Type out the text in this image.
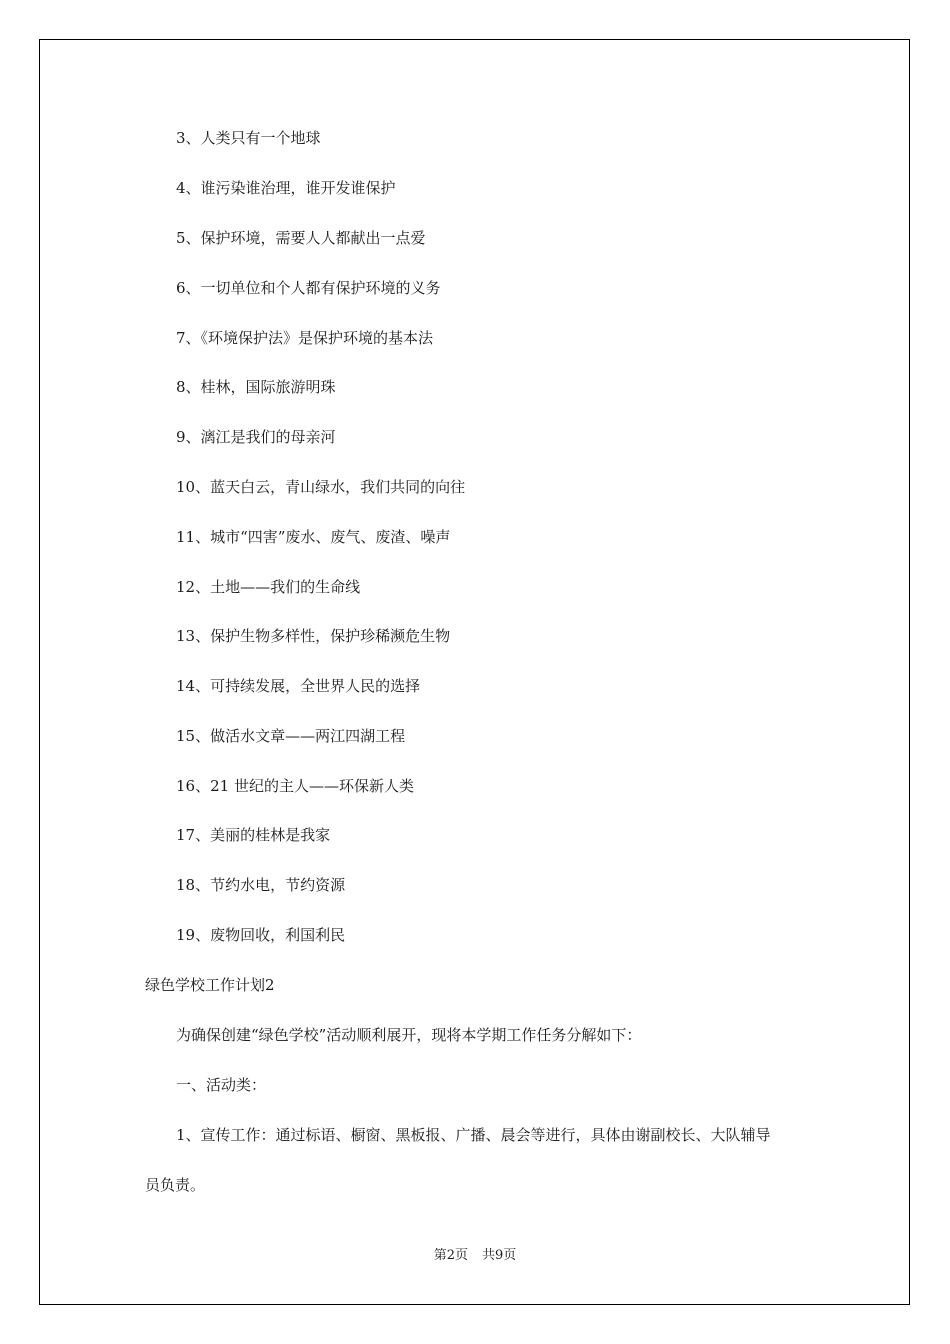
3、人类只有一个地球
4、谁污染谁治理，谁开发谁保护
5、保护环境，需要人人都献出一点爱
6、一切单位和个人都有保护环境的义务
7、《环境保护法》是保护环境的基本法
8、桂林，国际旅游明珠
9、漓江是我们的母亲河
10、蓝天白云，青山绿水，我们共同的向往
11、城市“四害”废水、废气、废渣、噪声
12、土地——我们的生命线
13、保护生物多样性，保护珍稀濒危生物
14、可持续发展，全世界人民的选择
15、做活水文章——两江四湖工程
16、21 世纪的主人——环保新人类
17、美丽的桂林是我家
18、节约水电，节约资源
19、废物回收，利国利民
绿色学校工作计划2
为确保创建“绿色学校”活动顺利展开，现将本学期工作任务分解如下：
一、活动类：
1、宣传工作：通过标语、橱窗、黑板报、广播、晨会等进行，具体由谢副校长、大队辅导
员负责。
第2页 共9页
